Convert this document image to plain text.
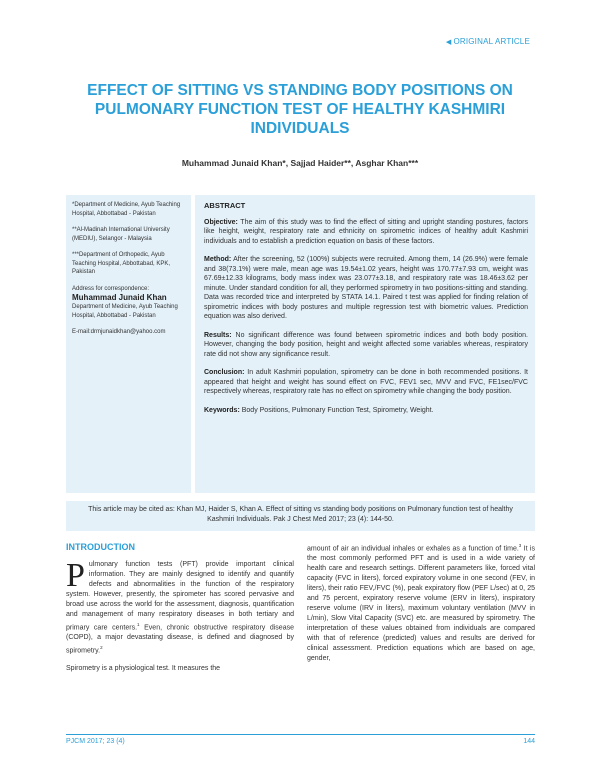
◀ ORIGINAL ARTICLE
EFFECT OF SITTING VS STANDING BODY POSITIONS ON PULMONARY FUNCTION TEST OF HEALTHY KASHMIRI INDIVIDUALS
Muhammad Junaid Khan*, Sajjad Haider**, Asghar Khan***

*Department of Medicine, Ayub Teaching Hospital, Abbottabad - Pakistan

**Al-Madinah International University (MEDIU), Selangor - Malaysia

***Department of Orthopedic, Ayub Teaching Hospital, Abbottabad, KPK, Pakistan

Address for correspondence:

Muhammad Junaid Khan

Department of Medicine, Ayub Teaching Hospital, Abbottabad - Pakistan

E-mail:drmjunaidkhan@yahoo.com

ABSTRACT

Objective: The aim of this study was to find the effect of sitting and upright standing postures, factors like height, weight, respiratory rate and ethnicity on spirometric indices of healthy adult Kashmiri individuals and to establish a prediction equation on basis of these factors.

Method: After the screening, 52 (100%) subjects were recruited. Among them, 14 (26.9%) were female and 38(73.1%) were male, mean age was 19.54±1.02 years, height was 170.77±7.93 cm, weight was 67.69±12.33 kilograms, body mass index was 23.077±3.18, and respiratory rate was 18.46±3.62 per minute. Under standard condition for all, they performed spirometry in two positions-sitting and standing. Data was recorded trice and interpreted by STATA 14.1. Paired t test was applied for finding relation of spirometric indices with body postures and multiple regression test with biometric values. Prediction equation was also derived.

Results: No significant difference was found between spirometric indices and both body position. However, changing the body position, height and weight affected some variables whereas, respiratory rate did not show any significance result.

Conclusion: In adult Kashmiri population, spirometry can be done in both recommended positions. It appeared that height and weight has sound effect on FVC, FEV1 sec, MVV and FVC, FE1sec/FVC respectively whereas, respiratory rate has no effect on spirometry while changing the body position.

Keywords: Body Positions, Pulmonary Function Test, Spirometry, Weight.

This article may be cited as: Khan MJ, Haider S, Khan A. Effect of sitting vs standing body positions on Pulmonary function test of healthy Kashmiri Individuals. Pak J Chest Med 2017; 23 (4): 144-50.

INTRODUCTION

Pulmonary function tests (PFT) provide important clinical information. They are mainly designed to identify and quantify defects and abnormalities in the function of the respiratory system. However, presently, the spirometer has scored pervasive and broad use across the world for the assessment, diagnosis, quantification and management of many respiratory diseases in both tertiary and primary care centers.$^1$ Even, chronic obstructive respiratory disease (COPD), a major devastating disease, is defined and diagnosed by spirometry.$^2$

Spirometry is a physiological test. It measures the

amount of air an individual inhales or exhales as a function of time.$^3$ It is the most commonly performed PFT and is used in a wide variety of health care and research settings. Different parameters like, forced vital capacity (FVC in liters), forced expiratory volume in one second (FEV, in liters), their ratio FEV,/FVC (%), peak expiratory flow (PEF L/sec) at 0, 25 and 75 percent, expiratory reserve volume (ERV in liters), inspiratory reserve volume (IRV in liters), maximum voluntary ventilation (MVV in L/min), Slow Vital Capacity (SVC) etc. are measured by spirometry. The interpretation of these values obtained from individuals are compared with that of reference (predicted) values and results are derived for clinical assessment. Prediction equations which are based on age, gender,

PJCM 2017; 23 (4)	144
